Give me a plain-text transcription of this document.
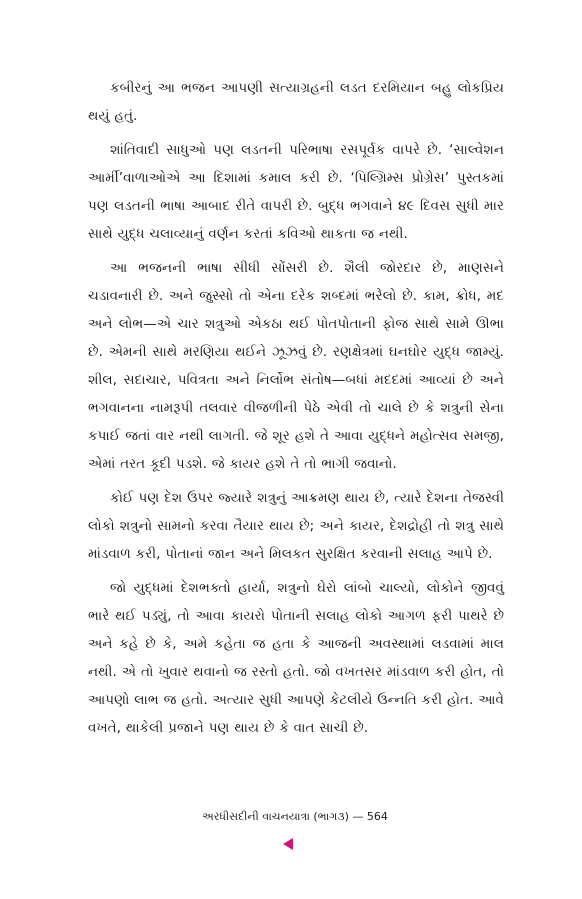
કબીરનું આ ભજન આપણી સત્યાગ્રહની લડત દરમિયાન બહુ લોકપ્રિય થયું હતું.

શાંતિવાદી સાધુઓ પણ લડતની પરિભાષા રસપૂર્વક વાપરે છે. ‘સાલ્વેશન આર્મી’વાળાઓએ આ દિશામાં કમાલ કરી છે. ‘પિલ્ગ્રિમ્સ પ્રોગ્રેસ’ પુસ્તકમાં પણ લડતની ભાષા આબાદ રીતે વાપરી છે. બુદ્ધ ભગવાને ૪૯ દિવસ સુધી માર સાથે યુદ્ધ ચલાવ્યાનું વર્ણન કરતાં કવિઓ થાકતા જ નથી.

આ ભજનની ભાષા સીધી સોંસરી છે. શૈલી જોરદાર છે, માણસને ચડાવનારી છે. અને જુસ્સો તો એના દરેક શબ્દમાં ભરેલો છે. કામ, ક્રોધ, મદ અને લોભ—એ ચાર શત્રુઓ એકઠા થઈ પોતપોતાની ફોજ સાથે સામે ઊભા છે. એમની સાથે મરણિયા થઈને ઝૂઝવું છે. રણક્ષેત્રમાં ઘનઘોર યુદ્ધ જામ્યું. શીલ, સદાચાર, પવિત્રતા અને નિર્લોભ સંતોષ—બધાં મદદમાં આવ્યાં છે અને ભગવાનના નામરૂપી તલવાર વીજળીની પેઠે એવી તો ચાલે છે કે શત્રુની સેના કપાઈ જતાં વાર નથી લાગતી. જે શૂર હશે તે આવા યુદ્ધને મહોત્સવ સમજી, એમાં તરત કૂદી પડશે. જે કાયર હશે તે તો ભાગી જવાનો.

કોઈ પણ દેશ ઉપર જ્યારે શત્રુનું આક્રમણ થાય છે, ત્યારે દેશના તેજસ્વી લોકો શત્રુનો સામનો કરવા તૈયાર થાય છે; અને કાયર, દેશદ્રોહી તો શત્રુ સાથે માંડવાળ કરી, પોતાનાં જાન અને મિલકત સુરક્ષિત કરવાની સલાહ આપે છે.

જો યુદ્ધમાં દેશભક્તો હાર્યા, શત્રુનો ઘેરો લાંબો ચાલ્યો, લોકોને જીવવું ભારે થઈ પડ્યું, તો આવા કાયરો પોતાની સલાહ લોકો આગળ ફરી પાથરે છે અને કહે છે કે, અમે કહેતા જ હતા કે આજની અવસ્થામાં લડવામાં માલ નથી. એ તો ખુવાર થવાનો જ રસ્તો હતો. જો વખતસર માંડવાળ કરી હોત, તો આપણો લાભ જ હતો. અત્યાર સુધી આપણે કેટલીયે ઉન્નતિ કરી હોત. આવે વખતે, થાકેલી પ્રજાને પણ થાય છે કે વાત સાચી છે.

અરધીસદીની વાચનયાત્રા (ભાગ૩) — 564
